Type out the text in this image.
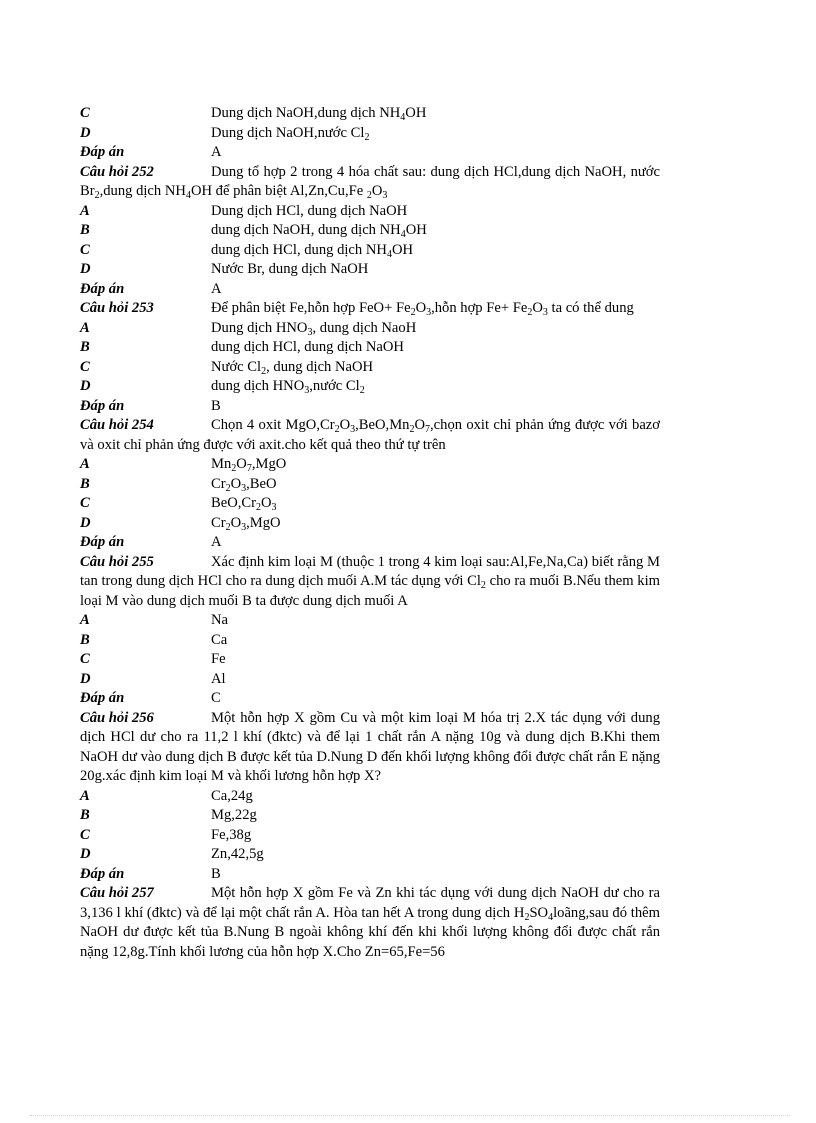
C	Dung dịch NaOH,dung dịch $NH_4OH$
D	Dung dịch NaOH,nước $Cl_2$
Đáp án	A
Câu hỏi 252	Dung tổ hợp 2 trong 4 hóa chất sau: dung dịch HCl,dung dịch NaOH, nước $Br_2,dung$ dịch $NH_4OH$ để phân biệt Al,Zn,Cu,Fe $_2O_3$
A	Dung dịch HCl, dung dịch NaOH
B	dung dịch NaOH, dung dịch $NH_4OH$
C	dung dịch HCl, dung dịch $NH_4OH$
D	Nước Br, dung dịch NaOH
Đáp án	A
Câu hỏi 253	Để phân biệt Fe,hỗn hợp $FeO+ Fe_2O_3,hỗn$ hợp $Fe+ Fe_2O_3$ ta có thể dung
A	Dung dịch $HNO_3$, dung dịch NaoH
B	dung dịch HCl, dung dịch NaOH
C	Nước $Cl_2$, dung dịch NaOH
D	dung dịch $HNO_3,nước$ $Cl_2$
Đáp án	B
Câu hỏi 254	Chọn 4 oxit $MgO,Cr_2O_3,BeO,Mn_2O_7,chọn$ oxit chỉ phản ứng được với bazơ và oxit chỉ phản ứng được với axit.cho kết quả theo thứ tự trên
A	$Mn_2O_7,MgO$
B	$Cr_2O_3,BeO$
C	$BeO,Cr_2O_3$
D	$Cr_2O_3,MgO$
Đáp án	A
Câu hỏi 255	Xác định kim loại M (thuộc 1 trong 4 kim loại sau:Al,Fe,Na,Ca) biết rằng M tan trong dung dịch HCl cho ra dung dịch muối A.M tác dụng với $Cl_2$ cho ra muối B.Nếu them kim loại M vào dung dịch muối B ta được dung dịch muối A
A	Na
B	Ca
C	Fe
D	Al
Đáp án	C
Câu hỏi 256	Một hỗn hợp X gồm Cu và một kim loại M hóa trị 2.X tác dụng với dung dịch HCl dư cho ra 11,2 l khí (đktc) và để lại 1 chất rắn A nặng 10g và dung dịch B.Khi them NaOH dư vào dung dịch B được kết tủa D.Nung D đến khối lượng không đổi được chất rắn E nặng 20g.xác định kim loại M và khối lương hỗn hợp X?
A	Ca,24g
B	Mg,22g
C	Fe,38g
D	Zn,42,5g
Đáp án	B
Câu hỏi 257	Một hỗn hợp X gồm Fe và Zn khi tác dụng với dung dịch NaOH dư cho ra 3,136 l khí (đktc) và để lại một chất rắn A. Hòa tan hết A trong dung dịch $H_2SO_4loãng,sau$ đó thêm NaOH dư được kết tủa B.Nung B ngoài không khí đến khi khối lượng không đổi được chất rắn nặng 12,8g.Tính khối lương của hỗn hợp X.Cho Zn=65,Fe=56
